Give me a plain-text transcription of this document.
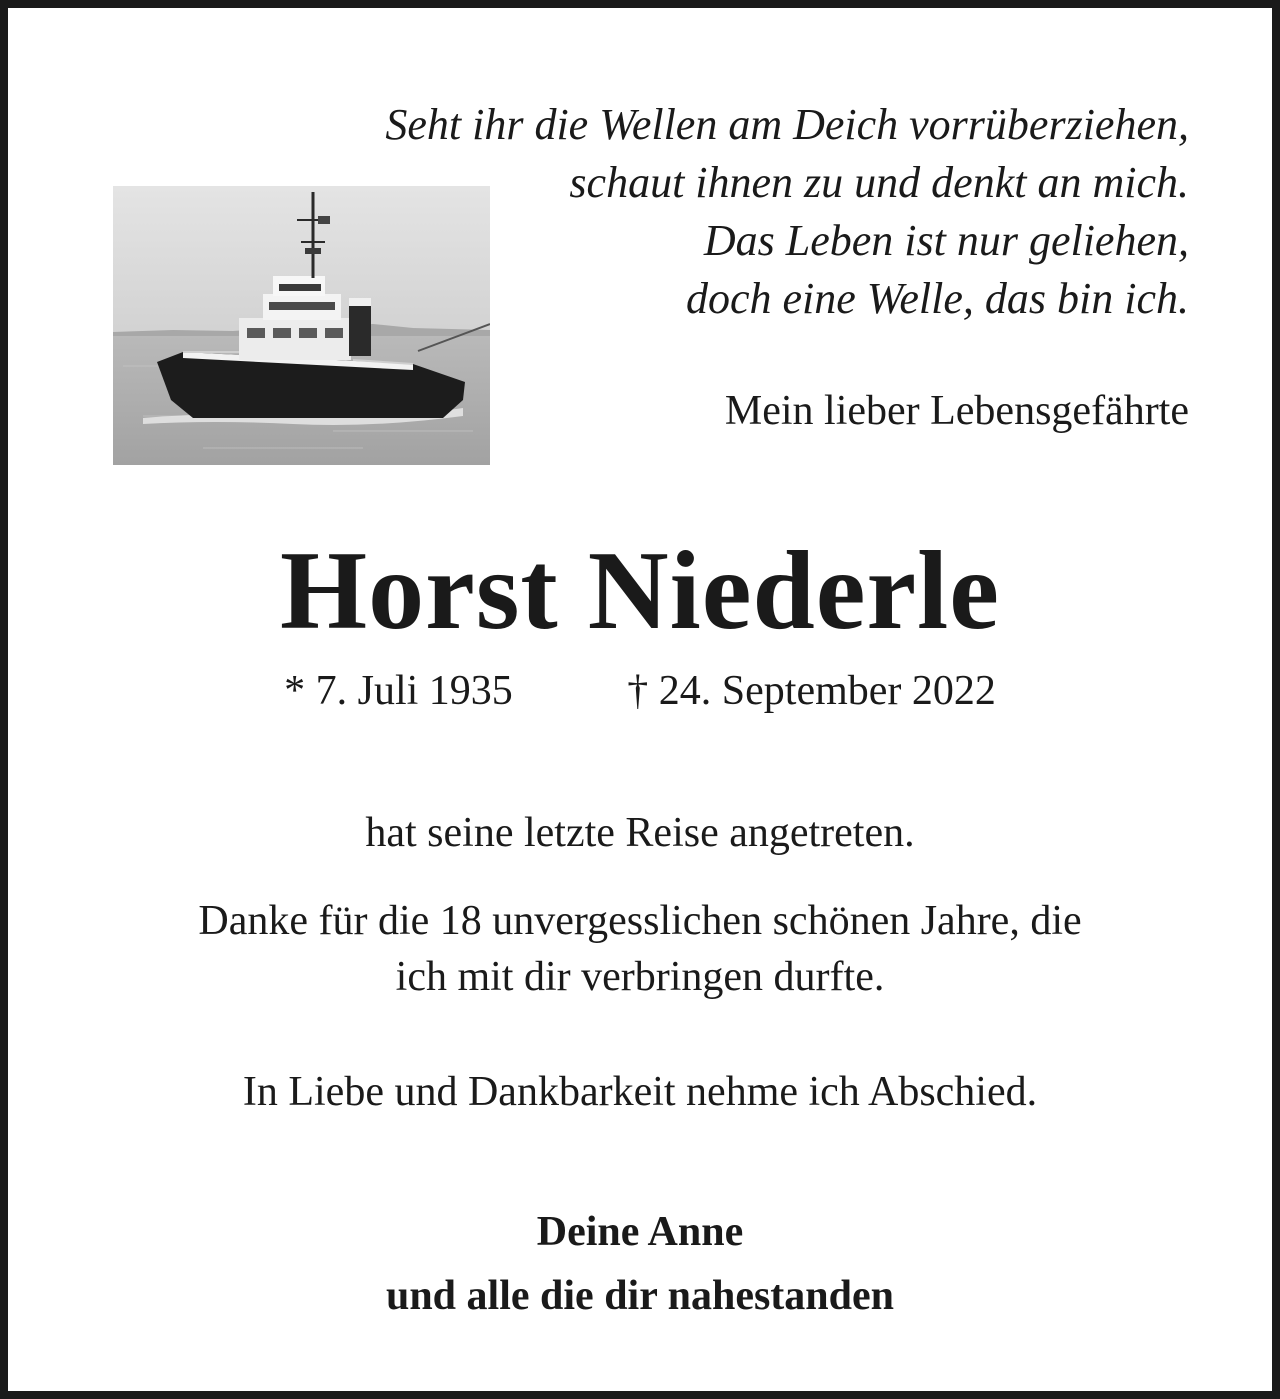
Seht ihr die Wellen am Deich vorrüberziehen,
schaut ihnen zu und denkt an mich.
Das Leben ist nur geliehen,
doch eine Welle, das bin ich.
Mein lieber Lebensgefährte
Horst Niederle
* 7. Juli 1935	† 24. September 2022
hat seine letzte Reise angetreten.
Danke für die 18 unvergesslichen schönen Jahre, die
ich mit dir verbringen durfte.
In Liebe und Dankbarkeit nehme ich Abschied.
Deine Anne
und alle die dir nahestanden
